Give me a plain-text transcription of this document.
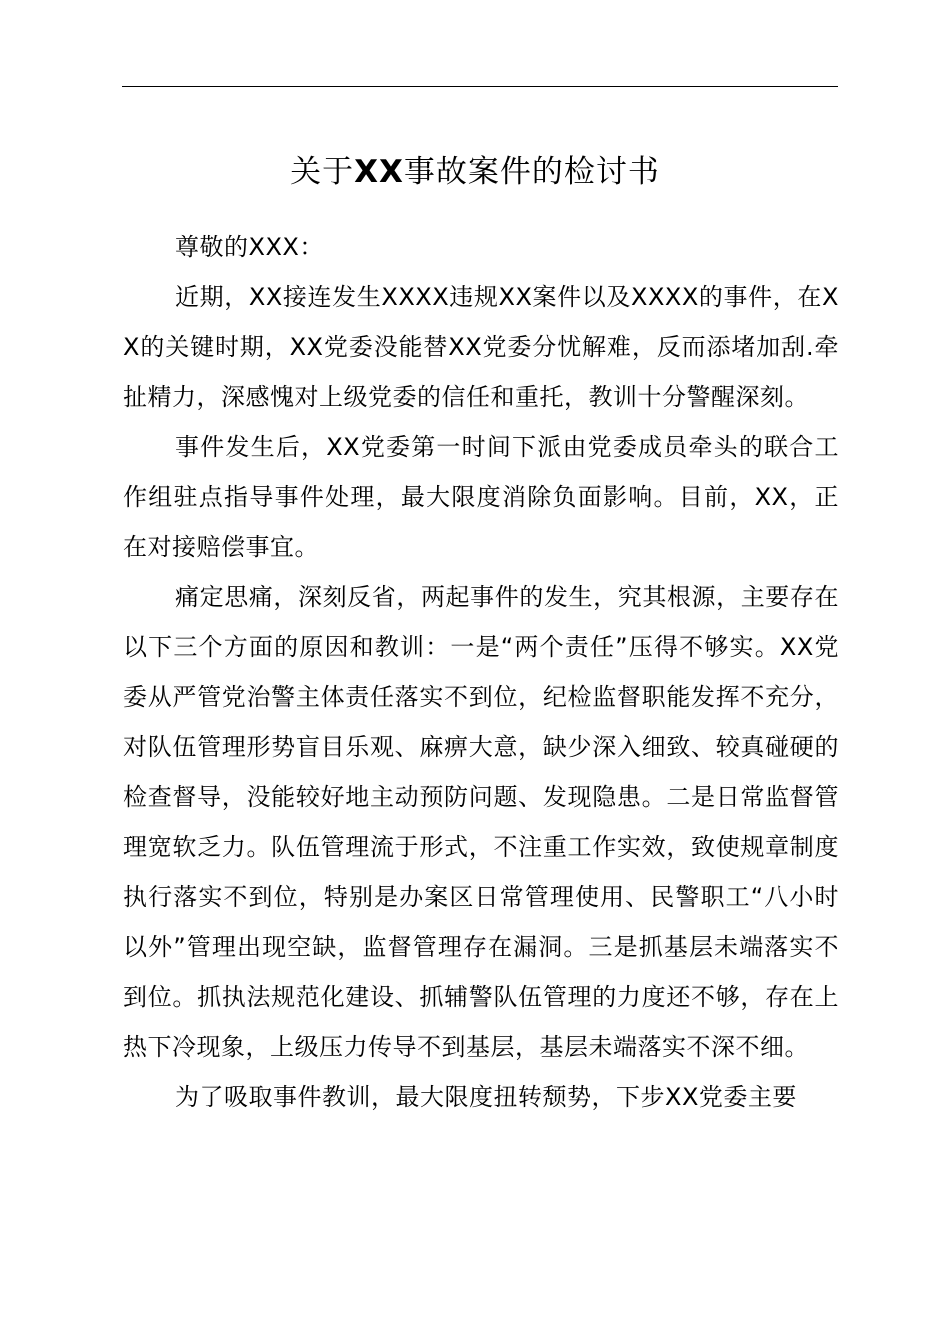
关于XX事故案件的检讨书

尊敬的XXX：

近期，XX接连发生XXXX违规XX案件以及XXXX的事件，在XX的关键时期，XX党委没能替XX党委分忧解难，反而添堵加刮.牵扯精力，深感愧对上级党委的信任和重托，教训十分警醒深刻。

事件发生后，XX党委第一时间下派由党委成员牵头的联合工作组驻点指导事件处理，最大限度消除负面影响。目前，XX，正在对接赔偿事宜。

痛定思痛，深刻反省，两起事件的发生，究其根源，主要存在以下三个方面的原因和教训：一是“两个责任”压得不够实。XX党委从严管党治警主体责任落实不到位，纪检监督职能发挥不充分，对队伍管理形势盲目乐观、麻痹大意，缺少深入细致、较真碰硬的检查督导，没能较好地主动预防问题、发现隐患。二是日常监督管理宽软乏力。队伍管理流于形式，不注重工作实效，致使规章制度执行落实不到位，特别是办案区日常管理使用、民警职工“八小时以外”管理出现空缺，监督管理存在漏洞。三是抓基层未端落实不到位。抓执法规范化建设、抓辅警队伍管理的力度还不够，存在上热下冷现象，上级压力传导不到基层，基层未端落实不深不细。

为了吸取事件教训，最大限度扭转颓势，下步XX党委主要
